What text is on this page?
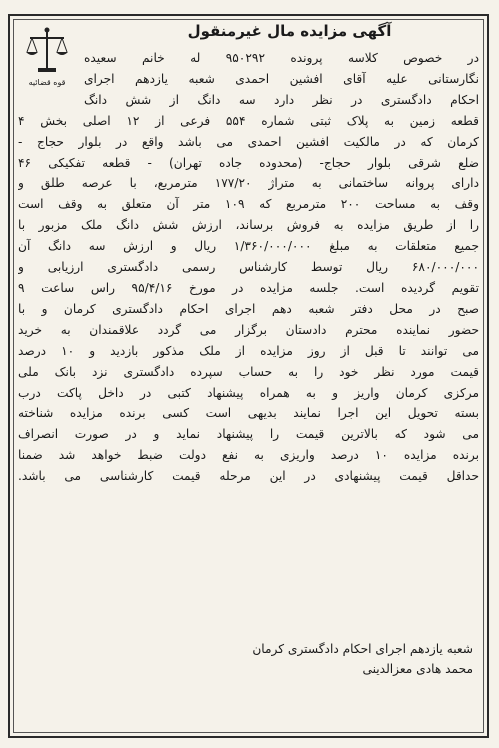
قوه قضائیه
آگهی مزایده مال غیرمنقول
در خصوص کلاسه پرونده ۹۵۰۲۹۲ له خانم سعیده
نگارستانی علیه آقای افشین احمدی شعبه یازدهم اجرای
احکام دادگستری در نظر دارد سه دانگ از شش دانگ
قطعه زمین به پلاک ثبتی شماره ۵۵۴ فرعی از ۱۲ اصلی بخش ۴
کرمان که در مالکیت افشین احمدی می باشد واقع در بلوار حجاج -
ضلع شرقی بلوار حجاج- (محدوده جاده تهران) - قطعه تفکیکی ۴۶
دارای پروانه ساختمانی به متراژ ۱۷۷/۲۰ مترمربع، با عرصه طلق و
وقف به مساحت ۲۰۰ مترمربع که ۱۰۹ متر آن متعلق به وقف است
را از طریق مزایده به فروش برساند، ارزش شش دانگ ملک مزبور با
جمیع متعلقات به مبلغ ۱/۳۶۰/۰۰۰/۰۰۰ ریال و ارزش سه دانگ آن
۶۸۰/۰۰۰/۰۰۰ ریال توسط کارشناس رسمی دادگستری ارزیابی و
تقویم گردیده است. جلسه مزایده در مورخ ۹۵/۴/۱۶ راس ساعت ۹
صبح در محل دفتر شعبه دهم اجرای احکام دادگستری کرمان و با
حضور نماینده محترم دادستان برگزار می گردد علاقمندان به خرید
می توانند تا قبل از روز مزایده از ملک مذکور بازدید و ۱۰ درصد
قیمت مورد نظر خود را به حساب سپرده دادگستری نزد بانک ملی
مرکزی کرمان واریز و به همراه پیشنهاد کتبی در داخل پاکت درب
بسته تحویل این اجرا نمایند بدیهی است کسی برنده مزایده شناخته
می شود که بالاترین قیمت را پیشنهاد نماید و در صورت انصراف
برنده مزایده ۱۰ درصد واریزی به نفع دولت ضبط خواهد شد ضمنا
حداقل قیمت پیشنهادی در این مرحله قیمت کارشناسی می باشد.
شعبه یازدهم اجرای احکام دادگستری کرمان
محمد هادی معزالدینی
